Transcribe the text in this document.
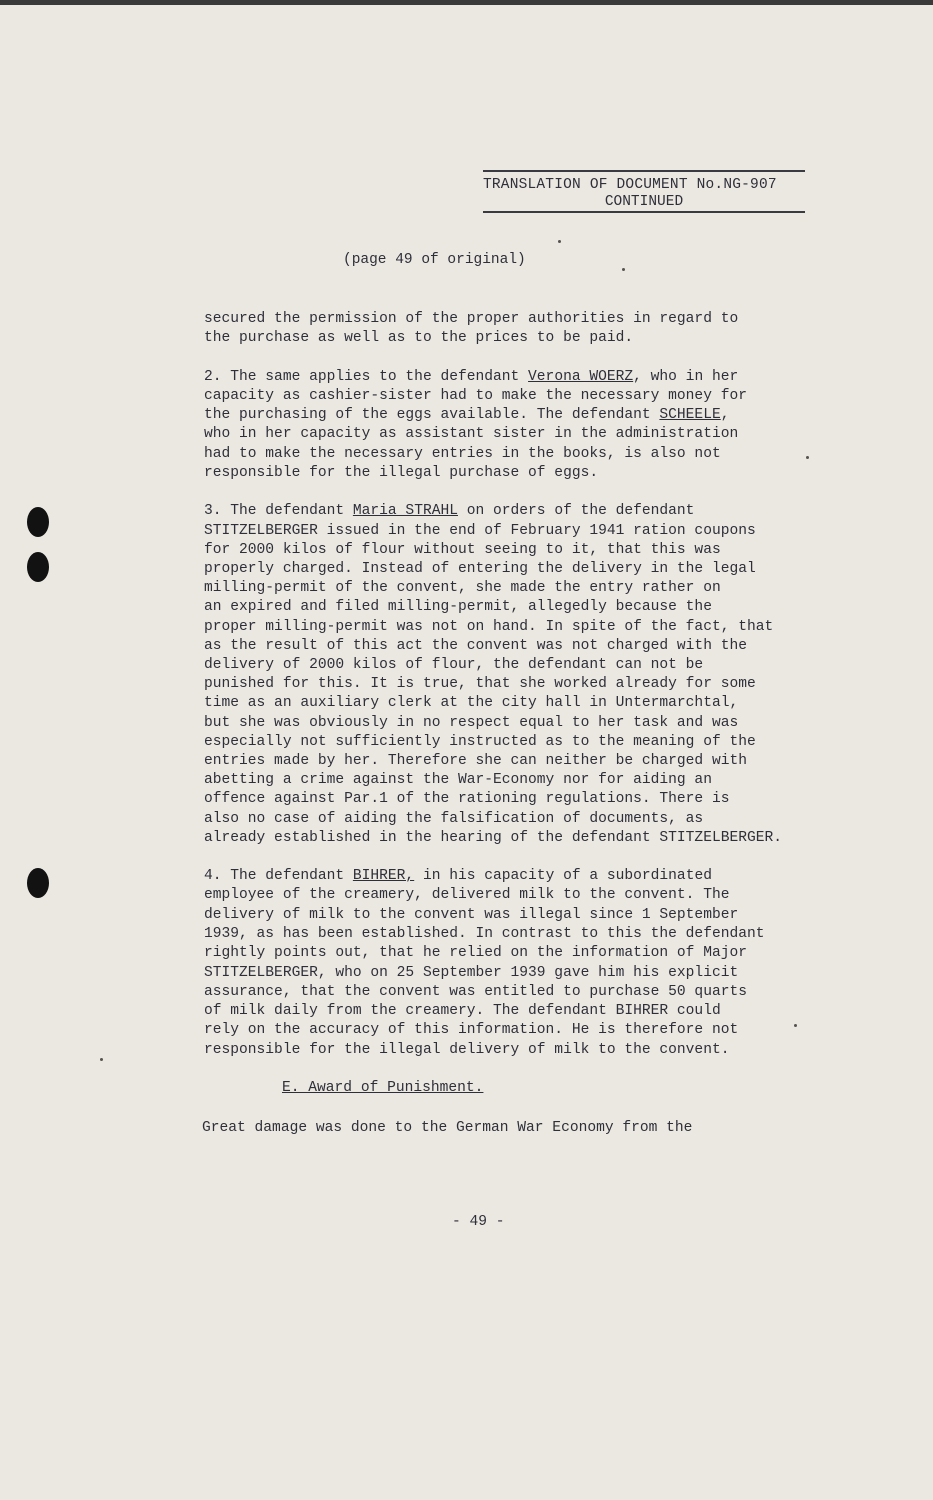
TRANSLATION OF DOCUMENT No.NG-907
CONTINUED
(page 49 of original)

secured the permission of the proper authorities in regard to
the purchase as well as to the prices to be paid.

2. The same applies to the defendant Verona WOERZ, who in her
capacity as cashier-sister had to make the necessary money for
the purchasing of the eggs available. The defendant SCHEELE,
who in her capacity as assistant sister in the administration
had to make the necessary entries in the books, is also not
responsible for the illegal purchase of eggs.

3. The defendant Maria STRAHL on orders of the defendant
STITZELBERGER issued in the end of February 1941 ration coupons
for 2000 kilos of flour without seeing to it, that this was
properly charged. Instead of entering the delivery in the legal
milling-permit of the convent, she made the entry rather on
an expired and filed milling-permit, allegedly because the
proper milling-permit was not on hand. In spite of the fact, that
as the result of this act the convent was not charged with the
delivery of 2000 kilos of flour, the defendant can not be
punished for this. It is true, that she worked already for some
time as an auxiliary clerk at the city hall in Untermarchtal,
but she was obviously in no respect equal to her task and was
especially not sufficiently instructed as to the meaning of the
entries made by her. Therefore she can neither be charged with
abetting a crime against the War-Economy nor for aiding an
offence against Par.1 of the rationing regulations. There is
also no case of aiding the falsification of documents, as
already established in the hearing of the defendant STITZELBERGER.

4. The defendant BIHRER, in his capacity of a subordinated
employee of the creamery, delivered milk to the convent. The
delivery of milk to the convent was illegal since 1 September
1939, as has been established. In contrast to this the defendant
rightly points out, that he relied on the information of Major
STITZELBERGER, who on 25 September 1939 gave him his explicit
assurance, that the convent was entitled to purchase 50 quarts
of milk daily from the creamery. The defendant BIHRER could
rely on the accuracy of this information. He is therefore not
responsible for the illegal delivery of milk to the convent.

E. Award of Punishment.
Great damage was done to the German War Economy from the
- 49 -
